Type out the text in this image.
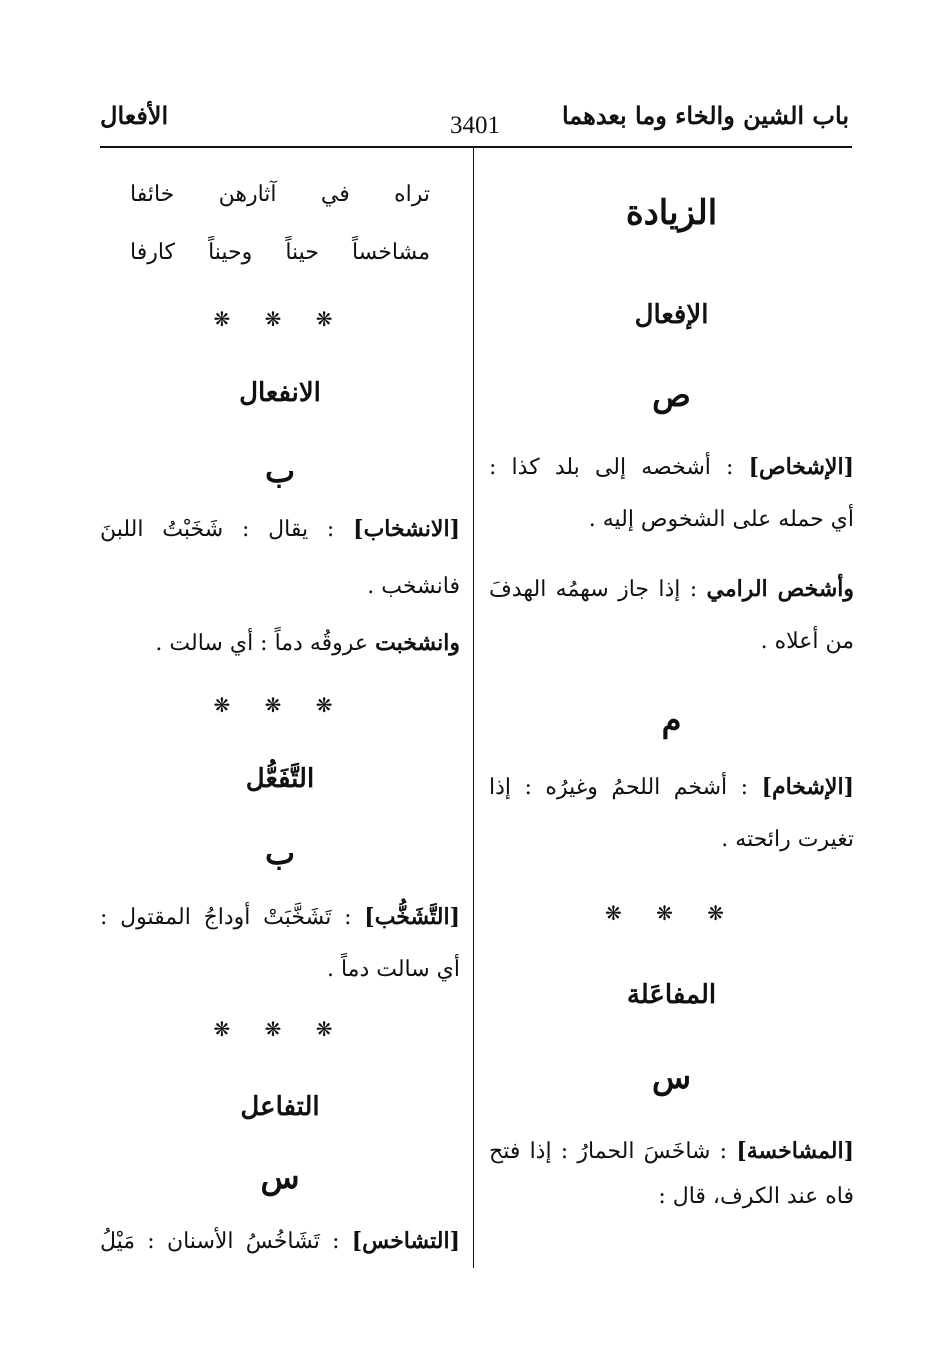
باب الشين والخاء وما بعدهما
3401
الأفعال
الزيادة
الإفعال
ص
[الإشخاص] : أشخصه إلى بلد كذا :
أي حمله على الشخوص إليه .
وأشخص الرامي : إذا جاز سهمُه الهدفَ
من أعلاه .
م
[الإشخام] : أشخم اللحمُ وغيرُه : إذا
تغيرت رائحته .
❋ ❋ ❋
المفاعَلة
س
[المشاخسة] : شاخَسَ الحمارُ : إذا فتح
فاه عند الكرف، قال :
تراه في آثارهن خائفا
مشاخساً حيناً وحيناً كارفا
❋ ❋ ❋
الانفعال
ب
[الانشخاب] : يقال : شَخَبْتُ اللبنَ
فانشخب .
وانشخبت عروقُه دماً : أي سالت .
❋ ❋ ❋
التَّفَعُّل
ب
[التَّشَخُّب] : تَشَخَّبَتْ أوداجُ المقتول :
أي سالت دماً .
❋ ❋ ❋
التفاعل
س
[التشاخس] : تَشَاخُسُ الأسنان : مَيْلُ
